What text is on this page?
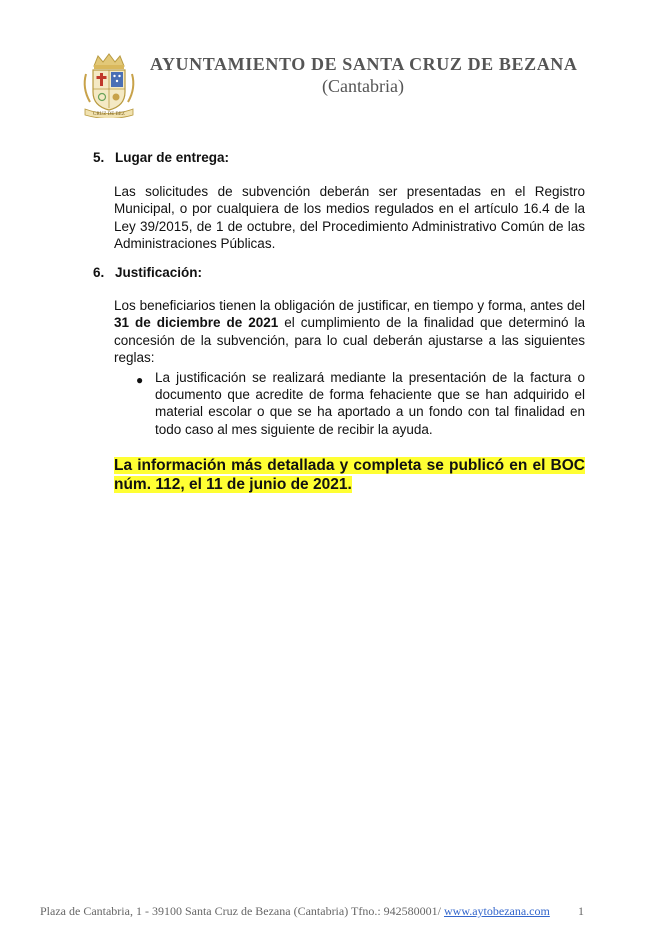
CRUZ DE BEZ
AYUNTAMIENTO DE SANTA CRUZ DE BEZANA
(Cantabria)
5. Lugar de entrega:
Las solicitudes de subvención deberán ser presentadas en el Registro Municipal, o por cualquiera de los medios regulados en el artículo 16.4 de la Ley 39/2015, de 1 de octubre, del Procedimiento Administrativo Común de las Administraciones Públicas.
6. Justificación:
Los beneficiarios tienen la obligación de justificar, en tiempo y forma, antes del 31 de diciembre de 2021 el cumplimiento de la finalidad que determinó la concesión de la subvención, para lo cual deberán ajustarse a las siguientes reglas:
● La justificación se realizará mediante la presentación de la factura o documento que acredite de forma fehaciente que se han adquirido el material escolar o que se ha aportado a un fondo con tal finalidad en todo caso al mes siguiente de recibir la ayuda.
La información más detallada y completa se publicó en el BOC núm. 112, el 11 de junio de 2021.
Plaza de Cantabria, 1 - 39100 Santa Cruz de Bezana (Cantabria) Tfno.: 942580001/ www.aytobezana.com 1
